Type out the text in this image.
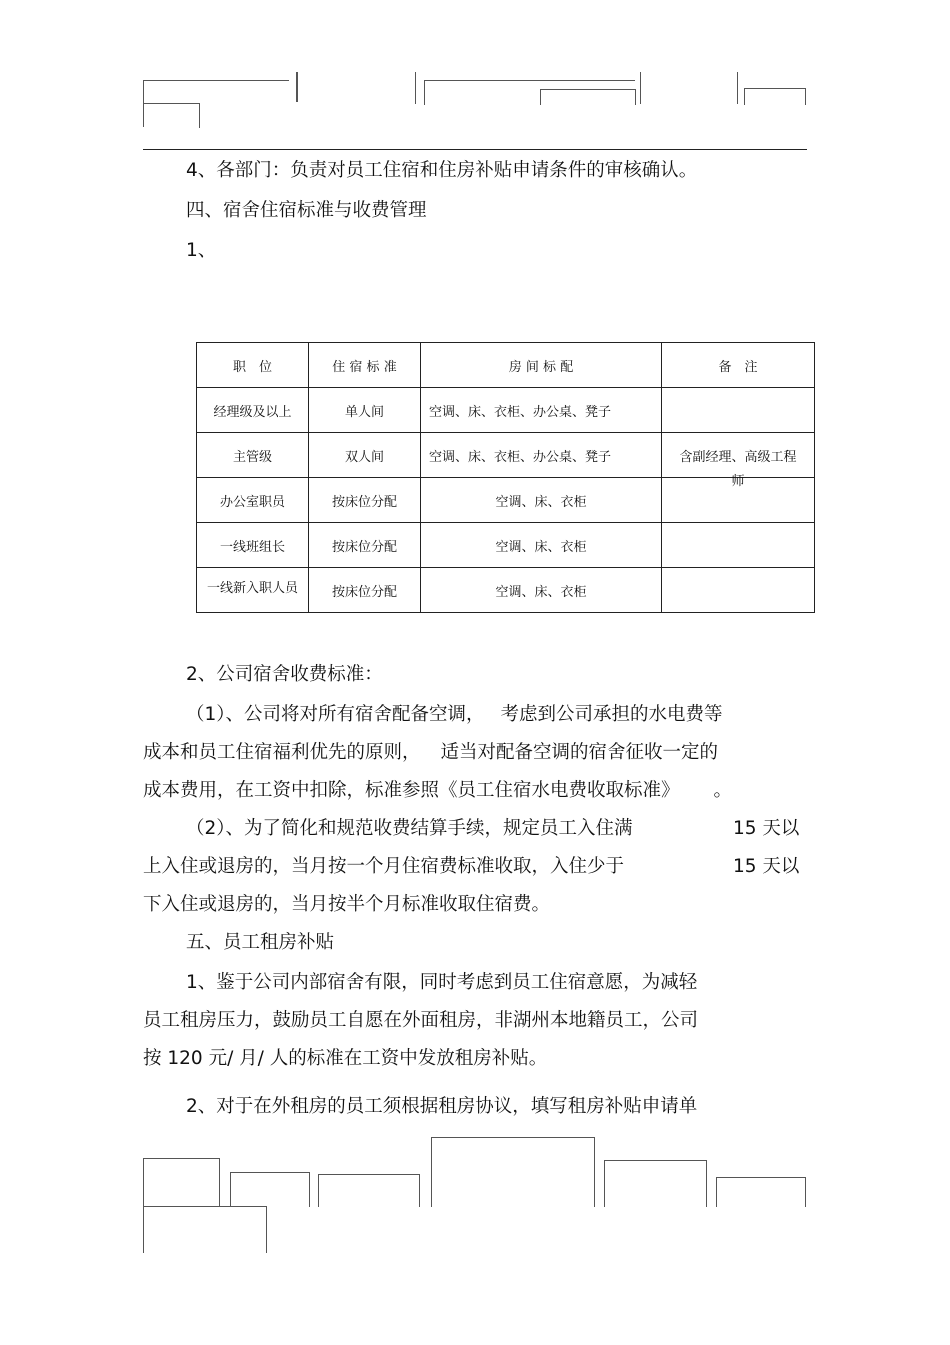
4、各部门：负责对员工住宿和住房补贴申请条件的审核确认。
四、宿舍住宿标准与收费管理
1、
职　位	住 宿 标 准	房 间 标 配	备　注
经理级及以上	单人间	空调、床、衣柜、办公桌、凳子	
主管级	双人间	空调、床、衣柜、办公桌、凳子	含副经理、高级工程
师

办公室职员	按床位分配	空调、床、衣柜	
一线班组长	按床位分配	空调、床、衣柜	

一线新入职人员	按床位分配	空调、床、衣柜	
2、公司宿舍收费标准：
（1）、公司将对所有宿舍配备空调， 考虑到公司承担的水电费等
成本和员工住宿福利优先的原则， 适当对配备空调的宿舍征收一定的
成本费用，在工资中扣除，标准参照《员工住宿水电费收取标准》 。
（2）、为了简化和规范收费结算手续，规定员工入住满	15 天以
上入住或退房的，当月按一个月住宿费标准收取，入住少于	15 天以
下入住或退房的，当月按半个月标准收取住宿费。
五、员工租房补贴
1、鉴于公司内部宿舍有限，同时考虑到员工住宿意愿，为减轻
员工租房压力，鼓励员工自愿在外面租房，非湖州本地籍员工，公司
按 120 元/ 月/ 人的标准在工资中发放租房补贴。
2、对于在外租房的员工须根据租房协议，填写租房补贴申请单
